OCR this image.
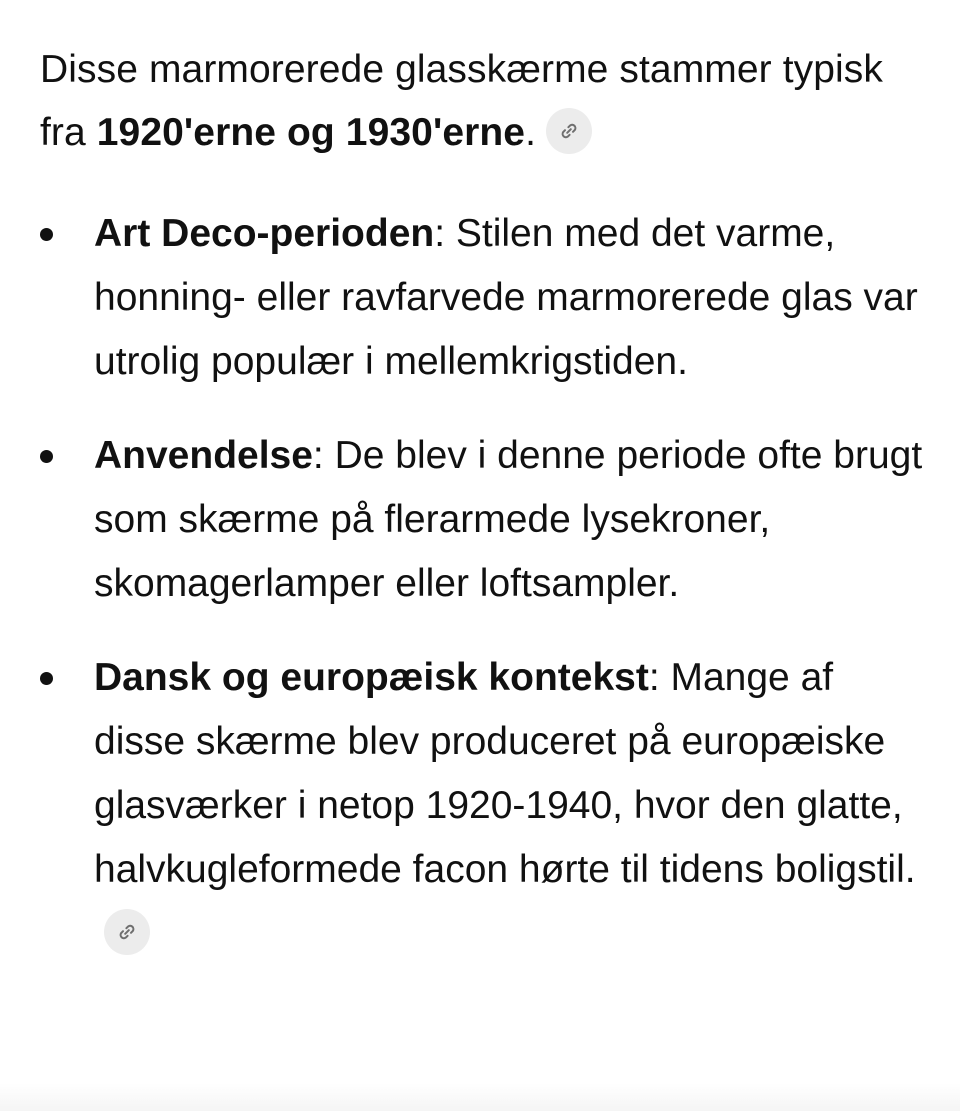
Disse marmorerede glasskærme stammer typisk fra 1920'erne og 1930'erne.

Art Deco-perioden: Stilen med det varme, honning- eller ravfarvede marmorerede glas var utrolig populær i mellemkrigstiden.
Anvendelse: De blev i denne periode ofte brugt som skærme på flerarmede lysekroner, skomagerlamper eller loftsampler.
Dansk og europæisk kontekst: Mange af disse skærme blev produceret på europæiske glasværker i netop 1920-1940, hvor den glatte, halvkugleformede facon hørte til tidens boligstil.
